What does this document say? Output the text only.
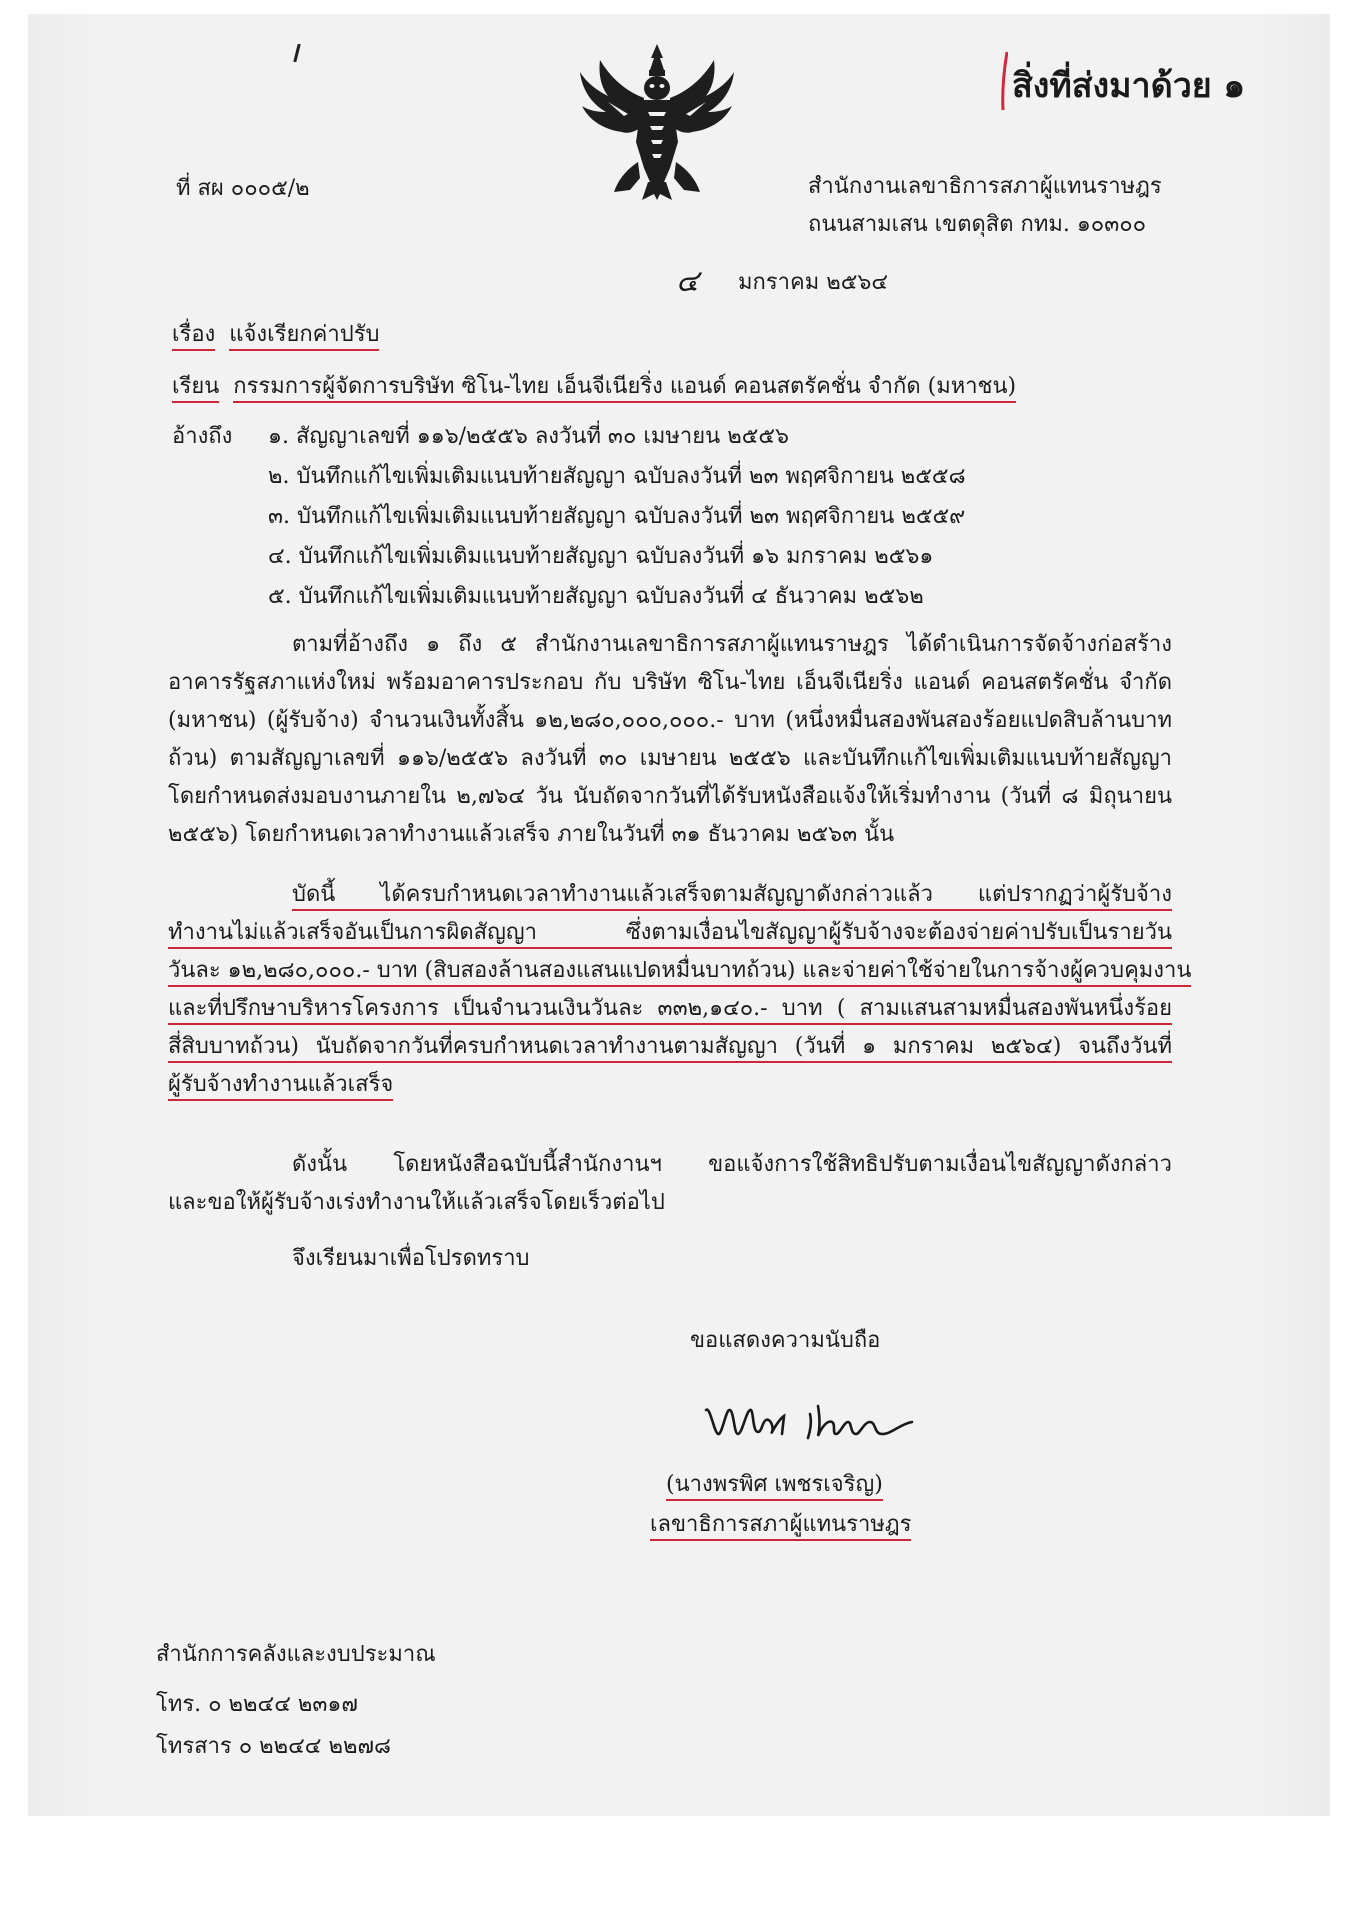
สิ่งที่ส่งมาด้วย ๑
ที่ สผ ๐๐๐๕/๒	สำนักงานเลขาธิการสภาผู้แทนราษฎร
ถนนสามเสน เขตดุสิต กทม. ๑๐๓๐๐
๔ มกราคม ๒๕๖๔
เรื่อง แจ้งเรียกค่าปรับ
เรียน กรรมการผู้จัดการบริษัท ซิโน-ไทย เอ็นจีเนียริ่ง แอนด์ คอนสตรัคชั่น จำกัด (มหาชน)
อ้างถึง ๑. สัญญาเลขที่ ๑๑๖/๒๕๕๖ ลงวันที่ ๓๐ เมษายน ๒๕๕๖
๒. บันทึกแก้ไขเพิ่มเติมแนบท้ายสัญญา ฉบับลงวันที่ ๒๓ พฤศจิกายน ๒๕๕๘
๓. บันทึกแก้ไขเพิ่มเติมแนบท้ายสัญญา ฉบับลงวันที่ ๒๓ พฤศจิกายน ๒๕๕๙
๔. บันทึกแก้ไขเพิ่มเติมแนบท้ายสัญญา ฉบับลงวันที่ ๑๖ มกราคม ๒๕๖๑
๕. บันทึกแก้ไขเพิ่มเติมแนบท้ายสัญญา ฉบับลงวันที่ ๔ ธันวาคม ๒๕๖๒
ตามที่อ้างถึง ๑ ถึง ๕ สำนักงานเลขาธิการสภาผู้แทนราษฎร ได้ดำเนินการจัดจ้างก่อสร้าง
อาคารรัฐสภาแห่งใหม่ พร้อมอาคารประกอบ กับ บริษัท ซิโน-ไทย เอ็นจีเนียริ่ง แอนด์ คอนสตรัคชั่น จำกัด
(มหาชน) (ผู้รับจ้าง) จำนวนเงินทั้งสิ้น ๑๒,๒๘๐,๐๐๐,๐๐๐.- บาท (หนึ่งหมื่นสองพันสองร้อยแปดสิบล้านบาท
ถ้วน) ตามสัญญาเลขที่ ๑๑๖/๒๕๕๖ ลงวันที่ ๓๐ เมษายน ๒๕๕๖ และบันทึกแก้ไขเพิ่มเติมแนบท้ายสัญญา
โดยกำหนดส่งมอบงานภายใน ๒,๗๖๔ วัน นับถัดจากวันที่ได้รับหนังสือแจ้งให้เริ่มทำงาน (วันที่ ๘ มิถุนายน
๒๕๕๖) โดยกำหนดเวลาทำงานแล้วเสร็จ ภายในวันที่ ๓๑ ธันวาคม ๒๕๖๓ นั้น
บัดนี้ ได้ครบกำหนดเวลาทำงานแล้วเสร็จตามสัญญาดังกล่าวแล้ว แต่ปรากฏว่าผู้รับจ้าง
ทำงานไม่แล้วเสร็จอันเป็นการผิดสัญญา ซึ่งตามเงื่อนไขสัญญาผู้รับจ้างจะต้องจ่ายค่าปรับเป็นรายวัน
วันละ ๑๒,๒๘๐,๐๐๐.- บาท (สิบสองล้านสองแสนแปดหมื่นบาทถ้วน) และจ่ายค่าใช้จ่ายในการจ้างผู้ควบคุมงาน
และที่ปรึกษาบริหารโครงการ เป็นจำนวนเงินวันละ ๓๓๒,๑๔๐.- บาท ( สามแสนสามหมื่นสองพันหนึ่งร้อย
สี่สิบบาทถ้วน) นับถัดจากวันที่ครบกำหนดเวลาทำงานตามสัญญา (วันที่ ๑ มกราคม ๒๕๖๔) จนถึงวันที่
ผู้รับจ้างทำงานแล้วเสร็จ
ดังนั้น โดยหนังสือฉบับนี้สำนักงานฯ ขอแจ้งการใช้สิทธิปรับตามเงื่อนไขสัญญาดังกล่าว
และขอให้ผู้รับจ้างเร่งทำงานให้แล้วเสร็จโดยเร็วต่อไป
จึงเรียนมาเพื่อโปรดทราบ
ขอแสดงความนับถือ
(นางพรพิศ เพชรเจริญ)
เลขาธิการสภาผู้แทนราษฎร
สำนักการคลังและงบประมาณ
โทร. ๐ ๒๒๔๔ ๒๓๑๗
โทรสาร ๐ ๒๒๔๔ ๒๒๗๘
